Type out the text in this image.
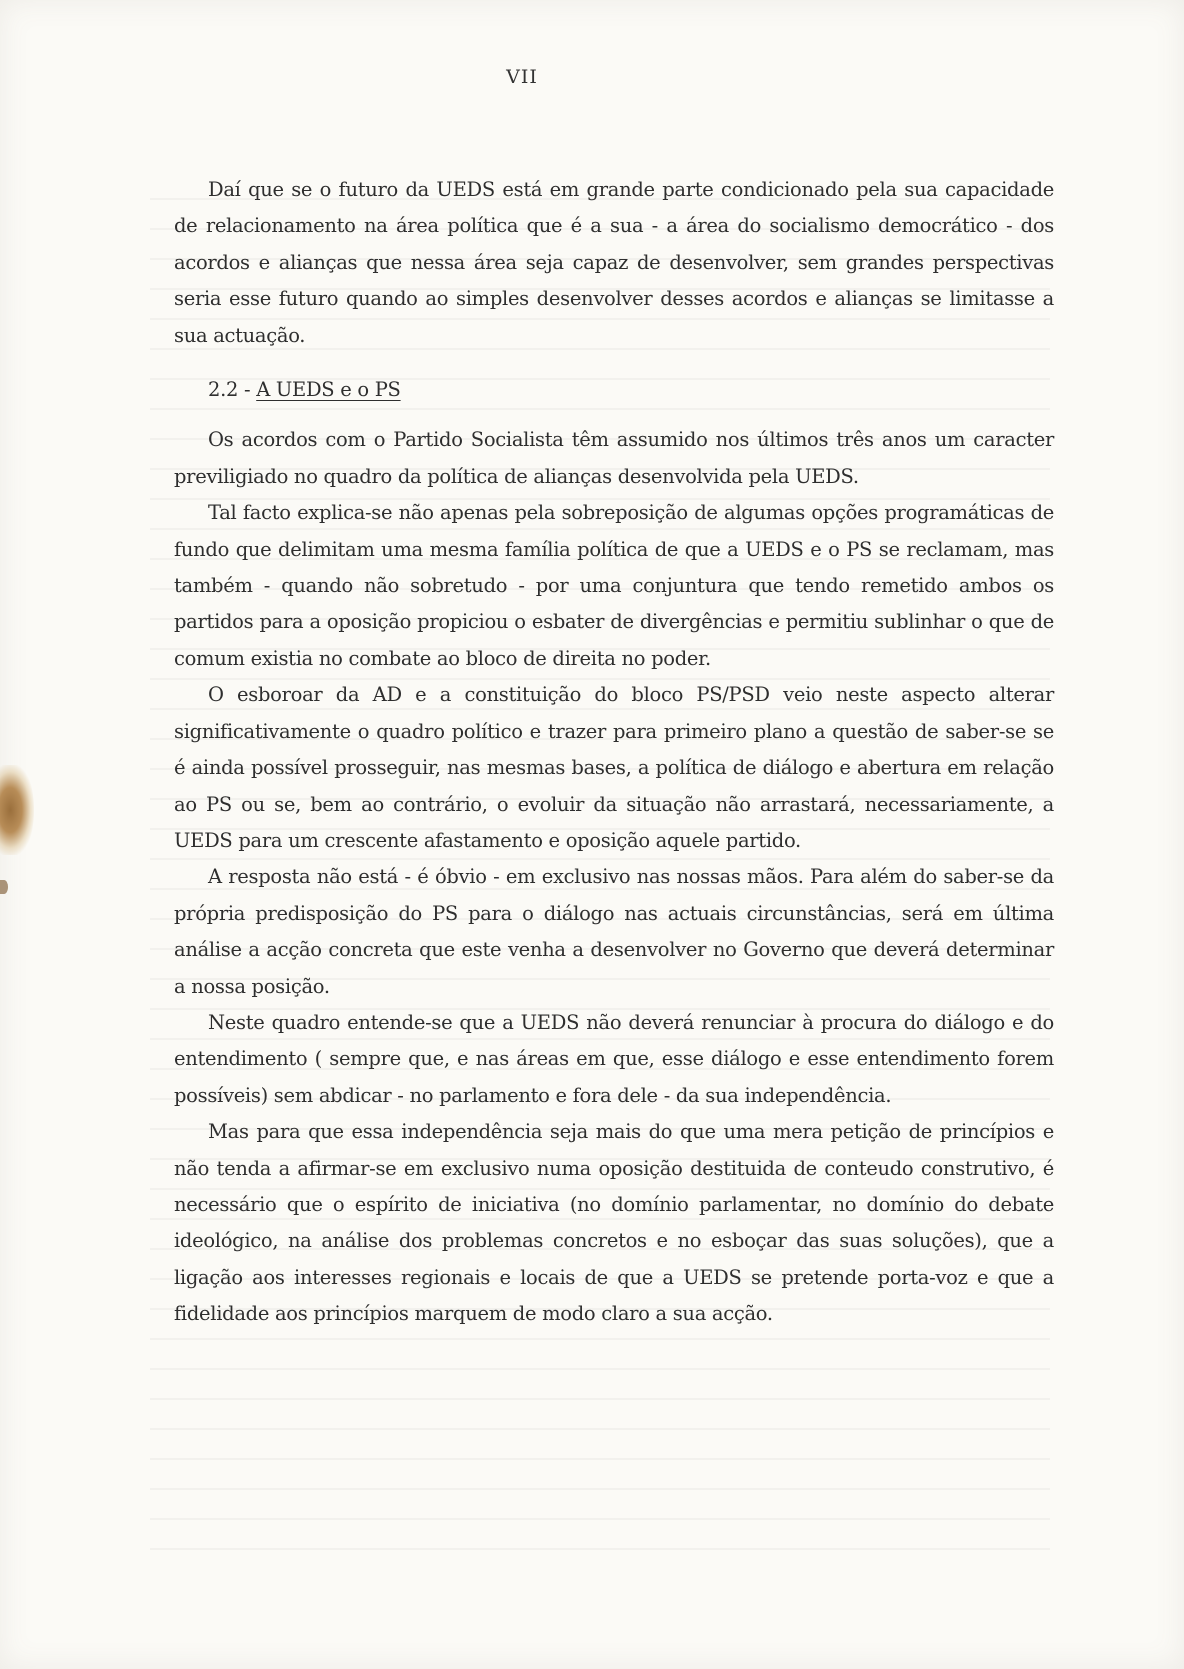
VII

Daí que se o futuro da UEDS está em grande parte condicionado pela sua capacidade de relacionamento na área política que é a sua - a área do socialismo democrático - dos acordos e alianças que nessa área seja capaz de desenvolver, sem grandes perspectivas seria esse futuro quando ao simples desenvolver desses acordos e alianças se limitasse a sua actuação.

2.2 - A UEDS e o PS

Os acordos com o Partido Socialista têm assumido nos últimos três anos um caracter previligiado no quadro da política de alianças desenvolvida pela UEDS.

Tal facto explica-se não apenas pela sobreposição de algumas opções programáticas de fundo que delimitam uma mesma família política de que a UEDS e o PS se reclamam, mas também - quando não sobretudo - por uma conjuntura que tendo remetido ambos os partidos para a oposição propiciou o esbater de divergências e permitiu sublinhar o que de comum existia no combate ao bloco de direita no poder.

O esboroar da AD e a constituição do bloco PS/PSD veio neste aspecto alterar significativamente o quadro político e trazer para primeiro plano a questão de saber-se se é ainda possível prosseguir, nas mesmas bases, a política de diálogo e abertura em relação ao PS ou se, bem ao contrário, o evoluir da situação não arrastará, necessariamente, a UEDS para um crescente afastamento e oposição aquele partido.

A resposta não está - é óbvio - em exclusivo nas nossas mãos. Para além do saber-se da própria predisposição do PS para o diálogo nas actuais circunstâncias, será em última análise a acção concreta que este venha a desenvolver no Governo que deverá determinar a nossa posição.

Neste quadro entende-se que a UEDS não deverá renunciar à procura do diálogo e do entendimento ( sempre que, e nas áreas em que, esse diálogo e esse entendimento forem possíveis) sem abdicar - no parlamento e fora dele - da sua independência.

Mas para que essa independência seja mais do que uma mera petição de princípios e não tenda a afirmar-se em exclusivo numa oposição destituida de conteudo construtivo, é necessário que o espírito de iniciativa (no domínio parlamentar, no domínio do debate ideológico, na análise dos problemas concretos e no esboçar das suas soluções), que a ligação aos interesses regionais e locais de que a UEDS se pretende porta-voz e que a fidelidade aos princípios marquem de modo claro a sua acção.
